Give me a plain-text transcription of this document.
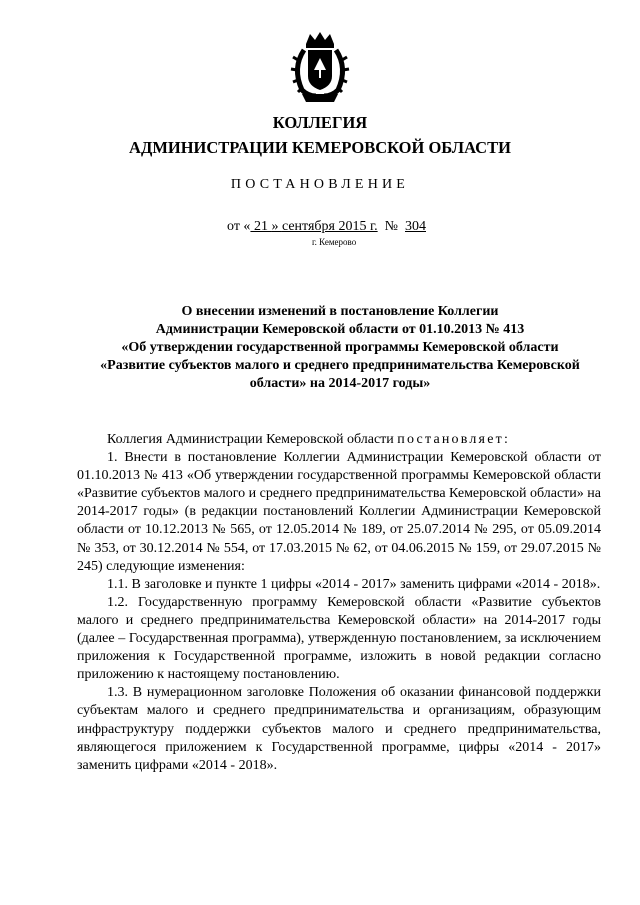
КОЛЛЕГИЯ
АДМИНИСТРАЦИИ КЕМЕРОВСКОЙ ОБЛАСТИ
ПОСТАНОВЛЕНИЕ
от « 21 » сентября 2015 г.  №  304
г. Кемерово
О внесении изменений в постановление Коллегии
Администрации Кемеровской области от 01.10.2013 № 413
«Об утверждении государственной программы Кемеровской области
«Развитие субъектов малого и среднего предпринимательства Кемеровской
области» на 2014-2017 годы»

Коллегия Администрации Кемеровской области постановляет:

1. Внести в постановление Коллегии Администрации Кемеровской области от 01.10.2013 № 413 «Об утверждении государственной программы Кемеровской области «Развитие субъектов малого и среднего предпринимательства Кемеровской области» на 2014-2017 годы» (в редакции постановлений Коллегии Администрации Кемеровской области от 10.12.2013 № 565, от 12.05.2014 № 189, от 25.07.2014 № 295, от 05.09.2014 № 353, от 30.12.2014 № 554, от 17.03.2015 № 62, от 04.06.2015 № 159, от 29.07.2015 № 245) следующие изменения:

1.1. В заголовке и пункте 1 цифры «2014 - 2017» заменить цифрами «2014 - 2018».

1.2. Государственную программу Кемеровской области «Развитие субъектов малого и среднего предпринимательства Кемеровской области» на 2014-2017 годы (далее – Государственная программа), утвержденную постановлением, за исключением приложения к Государственной программе, изложить в новой редакции согласно приложению к настоящему постановлению.

1.3. В нумерационном заголовке Положения об оказании финансовой поддержки субъектам малого и среднего предпринимательства и организациям, образующим инфраструктуру поддержки субъектов малого и среднего предпринимательства, являющегося приложением к Государственной программе, цифры «2014 - 2017» заменить цифрами «2014 - 2018».
